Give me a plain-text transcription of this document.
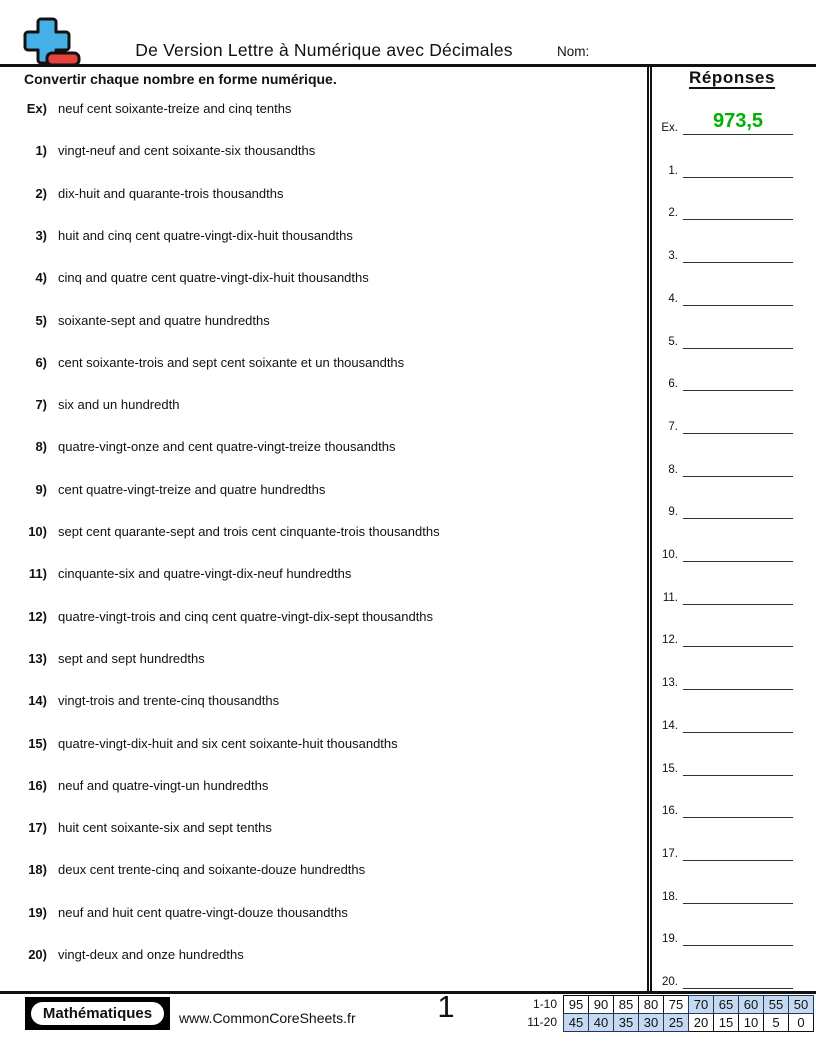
De Version Lettre à Numérique avec Décimales	Nom:
Convertir chaque nombre en forme numérique.
Ex) neuf cent soixante-treize and cinq tenths
1) vingt-neuf and cent soixante-six thousandths
2) dix-huit and quarante-trois thousandths
3) huit and cinq cent quatre-vingt-dix-huit thousandths
4) cinq and quatre cent quatre-vingt-dix-huit thousandths
5) soixante-sept and quatre hundredths
6) cent soixante-trois and sept cent soixante et un thousandths
7) six and un hundredth
8) quatre-vingt-onze and cent quatre-vingt-treize thousandths
9) cent quatre-vingt-treize and quatre hundredths
10) sept cent quarante-sept and trois cent cinquante-trois thousandths
11) cinquante-six and quatre-vingt-dix-neuf hundredths
12) quatre-vingt-trois and cinq cent quatre-vingt-dix-sept thousandths
13) sept and sept hundredths
14) vingt-trois and trente-cinq thousandths
15) quatre-vingt-dix-huit and six cent soixante-huit thousandths
16) neuf and quatre-vingt-un hundredths
17) huit cent soixante-six and sept tenths
18) deux cent trente-cinq and soixante-douze hundredths
19) neuf and huit cent quatre-vingt-douze thousandths
20) vingt-deux and onze hundredths
Réponses
Ex.	973,5
1.
2.
3.
4.
5.
6.
7.
8.
9.
10.
11.
12.
13.
14.
15.
16.
17.
18.
19.
20.
Mathématiques	www.CommonCoreSheets.fr	1	1-10 95 90 85 80 75 70 65 60 55 50
11-20 45 40 35 30 25 20 15 10	5	0
